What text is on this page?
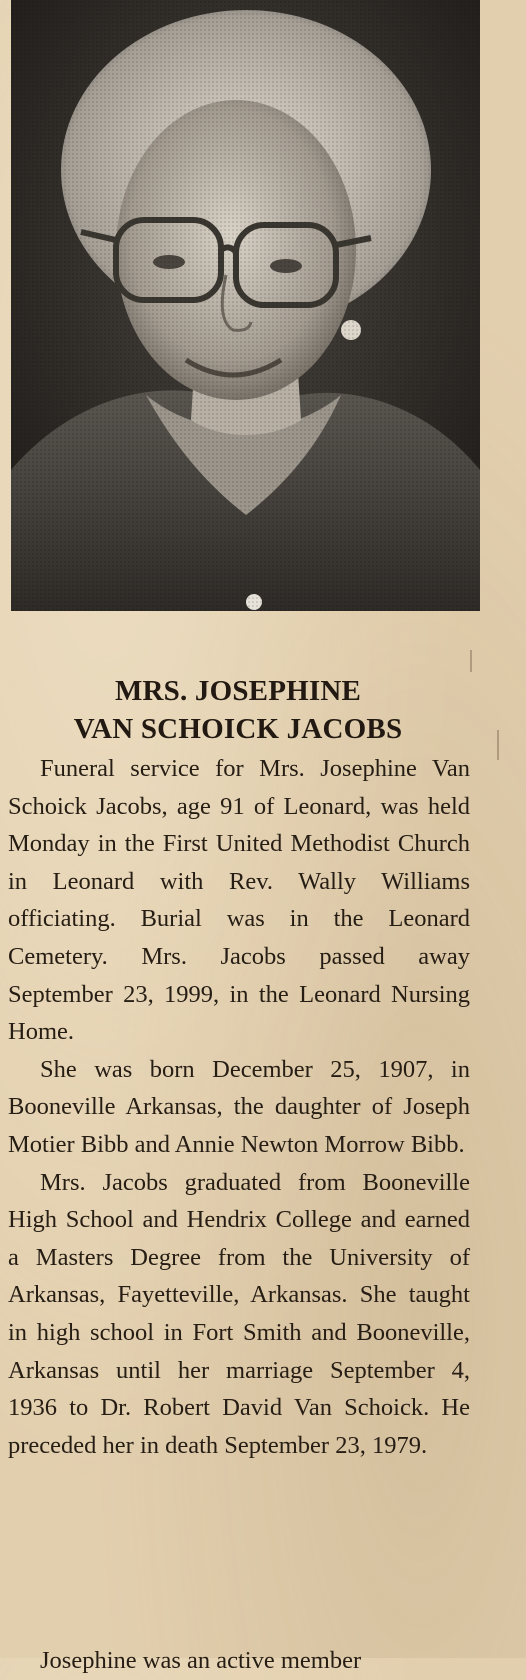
MRS. JOSEPHINE
VAN SCHOICK JACOBS

Funeral service for Mrs. Josephine Van Schoick Jacobs, age 91 of Leonard, was held Monday in the First United Methodist Church in Leonard with Rev. Wally Williams officiating. Burial was in the Leonard Cemetery. Mrs. Jacobs passed away September 23, 1999, in the Leonard Nursing Home.

She was born December 25, 1907, in Booneville Arkansas, the daughter of Joseph Motier Bibb and Annie Newton Morrow Bibb.

Mrs. Jacobs graduated from Booneville High School and Hendrix College and earned a Masters Degree from the University of Arkansas, Fayetteville, Arkansas. She taught in high school in Fort Smith and Booneville, Arkansas until her marriage September 4, 1936 to Dr. Robert David Van Schoick. He preceded her in death September 23, 1979.

Josephine was an active member
